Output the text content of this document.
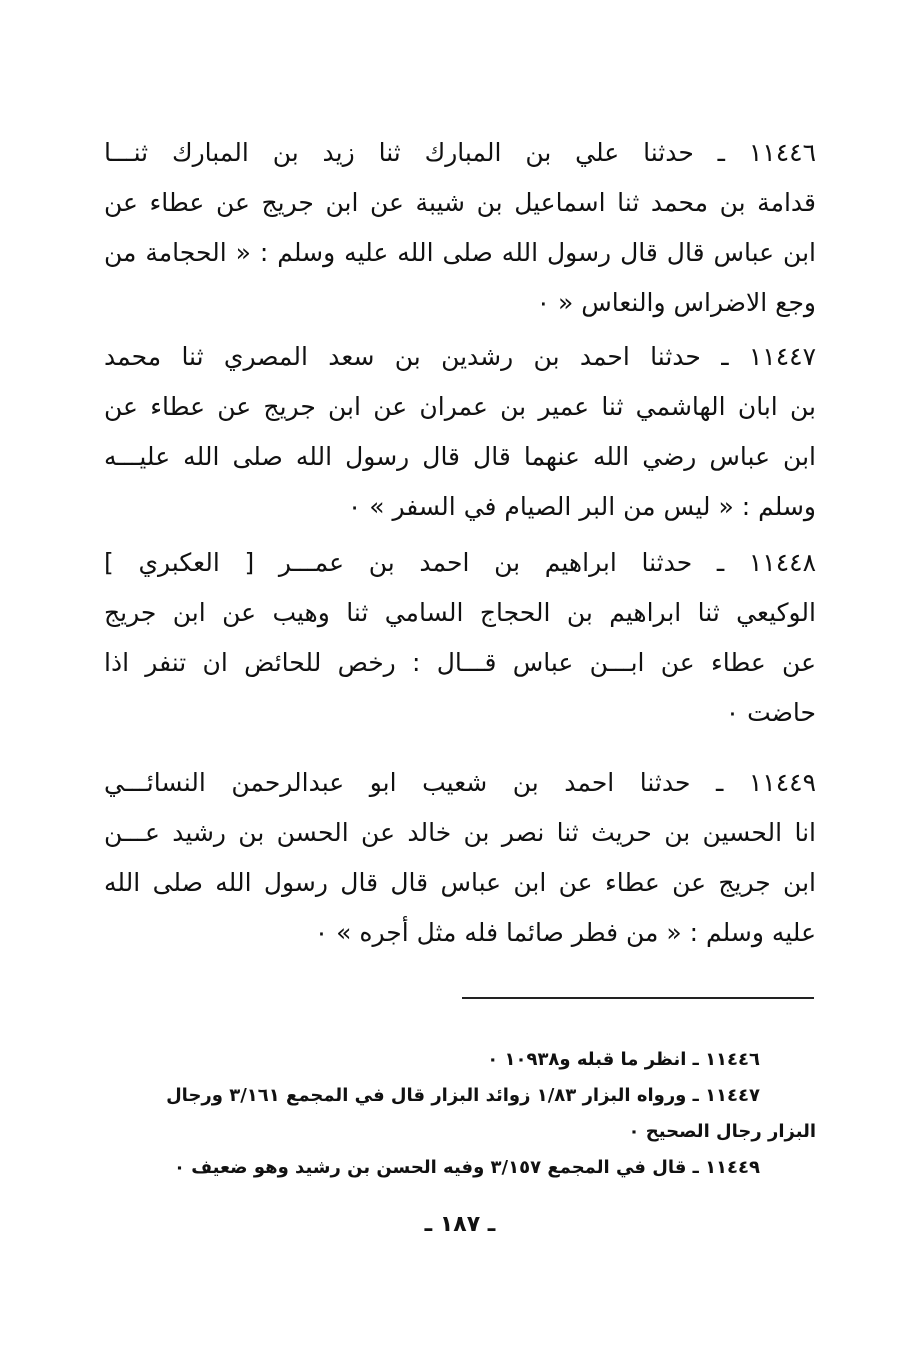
١١٤٤٦ ـ حدثنا علي بن المبارك ثنا زيد بن المبارك ثنـــا
قدامة بن محمد ثنا اسماعيل بن شيبة عن ابن جريج عن عطاء عن
ابن عباس قال قال رسول الله صلى الله عليه وسلم : « الحجامة من
وجع الاضراس والنعاس « ٠
١١٤٤٧ ـ حدثنا احمد بن رشدين بن سعد المصري ثنا محمد
بن ابان الهاشمي ثنا عمير بن عمران عن ابن جريج عن عطاء عن
ابن عباس رضي الله عنهما قال قال رسول الله صلى الله عليـــه
وسلم : « ليس من البر الصيام في السفر » ٠
١١٤٤٨ ـ حدثنا ابراهيم بن احمد بن عمـــر [ العكبري ]
الوكيعي ثنا ابراهيم بن الحجاج السامي ثنا وهيب عن ابن جريج
عن عطاء عن ابـــن عباس قـــال : رخص للحائض ان تنفر اذا
حاضت ٠
١١٤٤٩ ـ حدثنا احمد بن شعيب ابو عبدالرحمن النسائـــي
انا الحسين بن حريث ثنا نصر بن خالد عن الحسن بن رشيد عـــن
ابن جريج عن عطاء عن ابن عباس قال قال رسول الله صلى الله
عليه وسلم : « من فطر صائما فله مثل أجره » ٠
١١٤٤٦ ـ انظر ما قبله و١٠٩٣٨ ٠
١١٤٤٧ ـ ورواه البزار ١/٨٣ زوائد البزار قال في المجمع ٣/١٦١ ورجال
البزار رجال الصحيح ٠
١١٤٤٩ ـ قال في المجمع ٣/١٥٧ وفيه الحسن بن رشيد وهو ضعيف ٠
ـ ١٨٧ ـ
